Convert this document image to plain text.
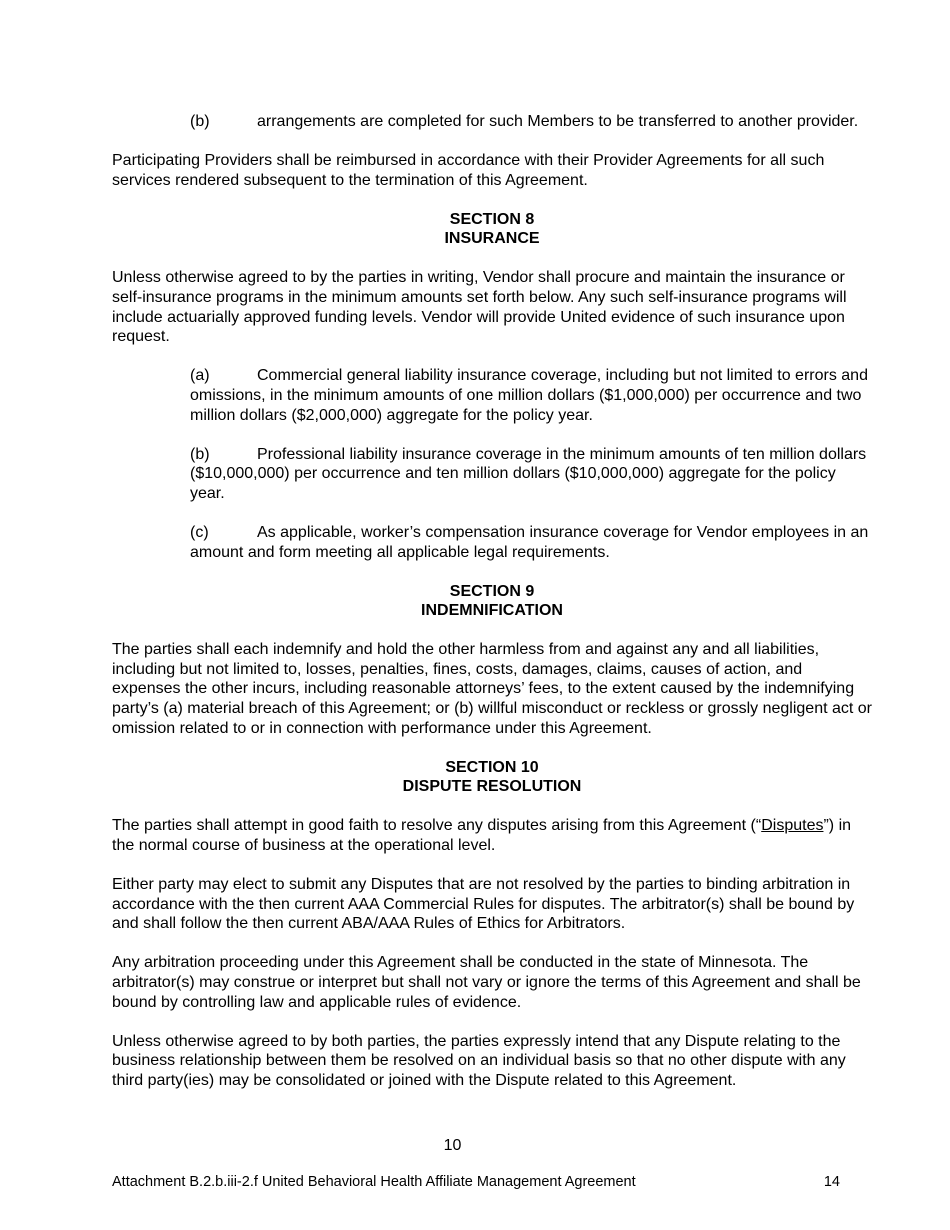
(b)	arrangements are completed for such Members to be transferred to another provider.

Participating Providers shall be reimbursed in accordance with their Provider Agreements for all such services rendered subsequent to the termination of this Agreement.

SECTION 8
INSURANCE

Unless otherwise agreed to by the parties in writing, Vendor shall procure and maintain the insurance or self-insurance programs in the minimum amounts set forth below. Any such self-insurance programs will include actuarially approved funding levels. Vendor will provide United evidence of such insurance upon request.

(a)	Commercial general liability insurance coverage, including but not limited to errors and omissions, in the minimum amounts of one million dollars ($1,000,000) per occurrence and two million dollars ($2,000,000) aggregate for the policy year.

(b)	Professional liability insurance coverage in the minimum amounts of ten million dollars ($10,000,000) per occurrence and ten million dollars ($10,000,000) aggregate for the policy year.

(c)	As applicable, worker’s compensation insurance coverage for Vendor employees in an amount and form meeting all applicable legal requirements.

SECTION 9
INDEMNIFICATION

The parties shall each indemnify and hold the other harmless from and against any and all liabilities, including but not limited to, losses, penalties, fines, costs, damages, claims, causes of action, and expenses the other incurs, including reasonable attorneys’ fees, to the extent caused by the indemnifying party’s (a) material breach of this Agreement; or (b) willful misconduct or reckless or grossly negligent act or omission related to or in connection with performance under this Agreement.

SECTION 10
DISPUTE RESOLUTION

The parties shall attempt in good faith to resolve any disputes arising from this Agreement (“Disputes”) in the normal course of business at the operational level.

Either party may elect to submit any Disputes that are not resolved by the parties to binding arbitration in accordance with the then current AAA Commercial Rules for disputes. The arbitrator(s) shall be bound by and shall follow the then current ABA/AAA Rules of Ethics for Arbitrators.

Any arbitration proceeding under this Agreement shall be conducted in the state of Minnesota. The arbitrator(s) may construe or interpret but shall not vary or ignore the terms of this Agreement and shall be bound by controlling law and applicable rules of evidence.

Unless otherwise agreed to by both parties, the parties expressly intend that any Dispute relating to the business relationship between them be resolved on an individual basis so that no other dispute with any third party(ies) may be consolidated or joined with the Dispute related to this Agreement.

10
Attachment B.2.b.iii-2.f United Behavioral Health Affiliate Management Agreement	14
